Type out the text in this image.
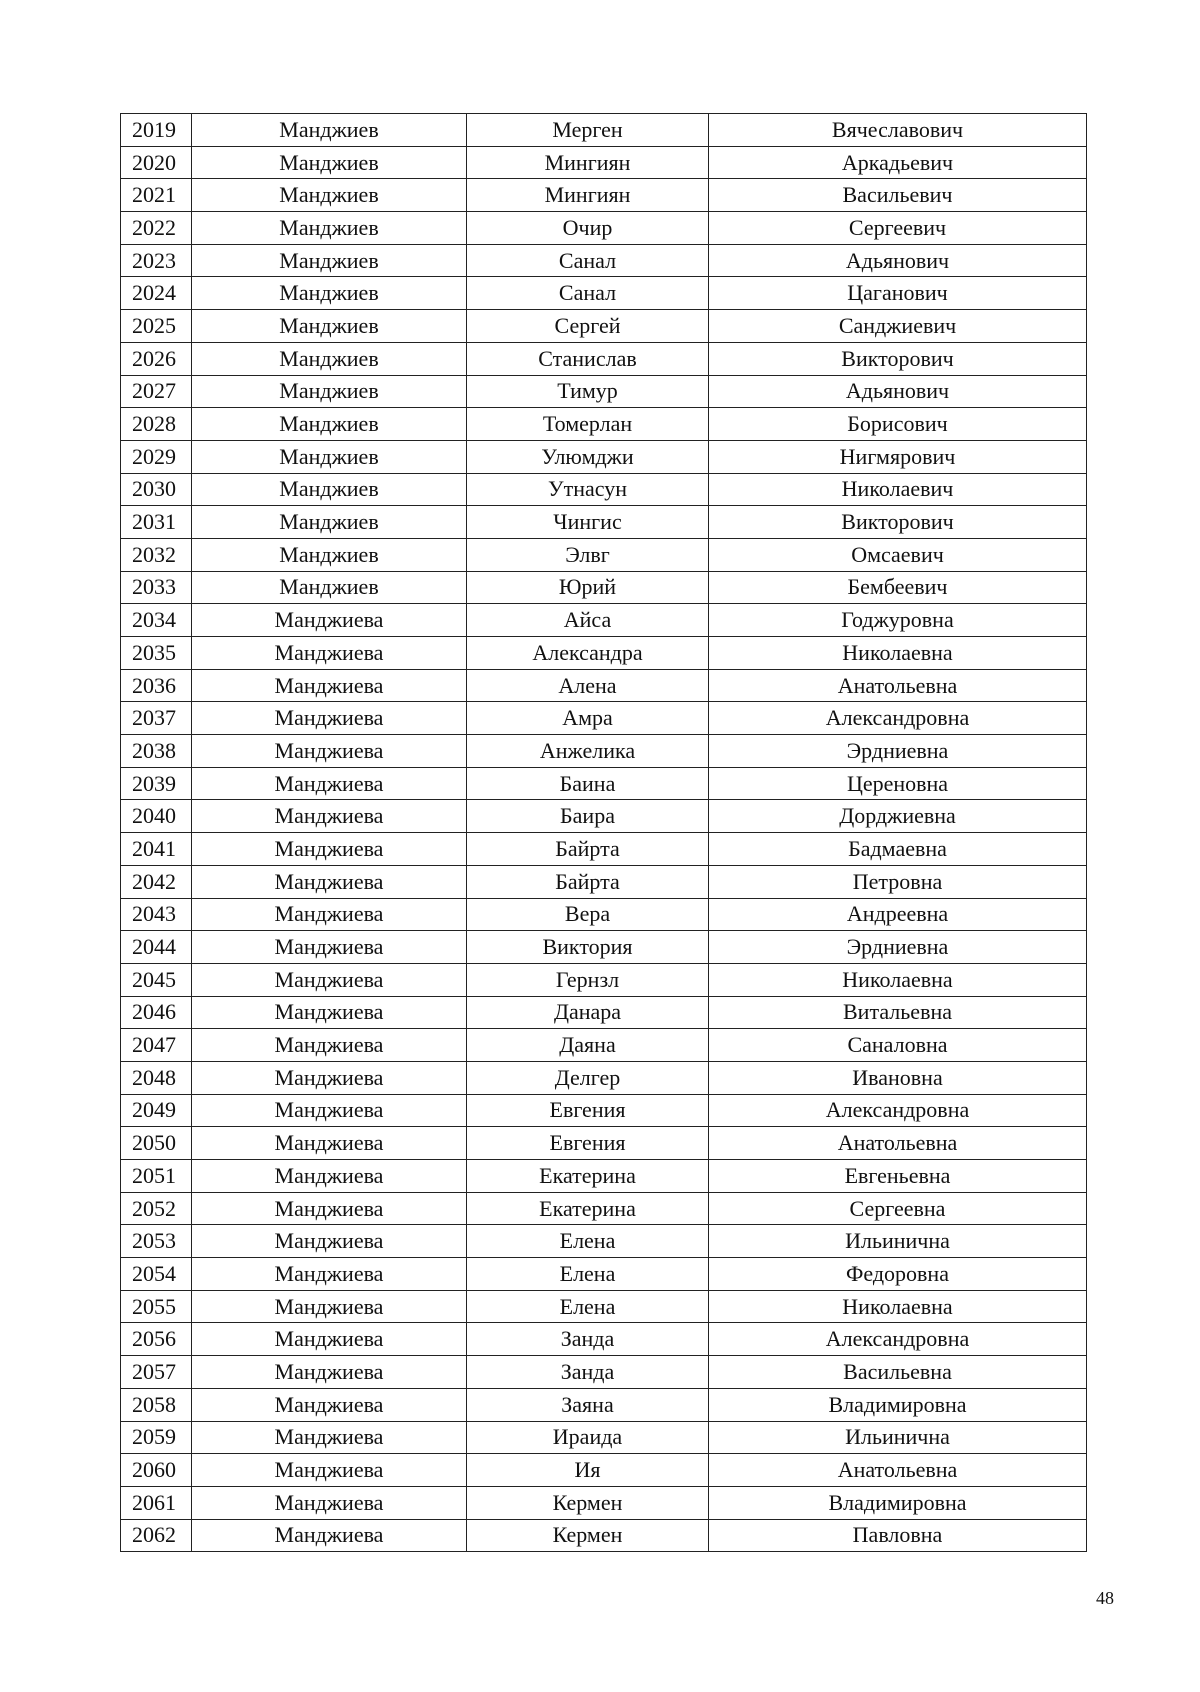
2019	Манджиев	Мерген	Вячеславович
2020	Манджиев	Мингиян	Аркадьевич
2021	Манджиев	Мингиян	Васильевич
2022	Манджиев	Очир	Сергеевич
2023	Манджиев	Санал	Адьянович
2024	Манджиев	Санал	Цаганович
2025	Манджиев	Сергей	Санджиевич
2026	Манджиев	Станислав	Викторович
2027	Манджиев	Тимур	Адьянович
2028	Манджиев	Томерлан	Борисович
2029	Манджиев	Улюмджи	Нигмярович
2030	Манджиев	Утнасун	Николаевич
2031	Манджиев	Чингис	Викторович
2032	Манджиев	Элвг	Омсаевич
2033	Манджиев	Юрий	Бембеевич
2034	Манджиева	Айса	Годжуровна
2035	Манджиева	Александра	Николаевна
2036	Манджиева	Алена	Анатольевна
2037	Манджиева	Амра	Александровна
2038	Манджиева	Анжелика	Эрдниевна
2039	Манджиева	Баина	Цереновна
2040	Манджиева	Баира	Дорджиевна
2041	Манджиева	Байрта	Бадмаевна
2042	Манджиева	Байрта	Петровна
2043	Манджиева	Вера	Андреевна
2044	Манджиева	Виктория	Эрдниевна
2045	Манджиева	Гернзл	Николаевна
2046	Манджиева	Данара	Витальевна
2047	Манджиева	Даяна	Саналовна
2048	Манджиева	Делгер	Ивановна
2049	Манджиева	Евгения	Александровна
2050	Манджиева	Евгения	Анатольевна
2051	Манджиева	Екатерина	Евгеньевна
2052	Манджиева	Екатерина	Сергеевна
2053	Манджиева	Елена	Ильинична
2054	Манджиева	Елена	Федоровна
2055	Манджиева	Елена	Николаевна
2056	Манджиева	Занда	Александровна
2057	Манджиева	Занда	Васильевна
2058	Манджиева	Заяна	Владимировна
2059	Манджиева	Ираида	Ильинична
2060	Манджиева	Ия	Анатольевна
2061	Манджиева	Кермен	Владимировна
2062	Манджиева	Кермен	Павловна
48
